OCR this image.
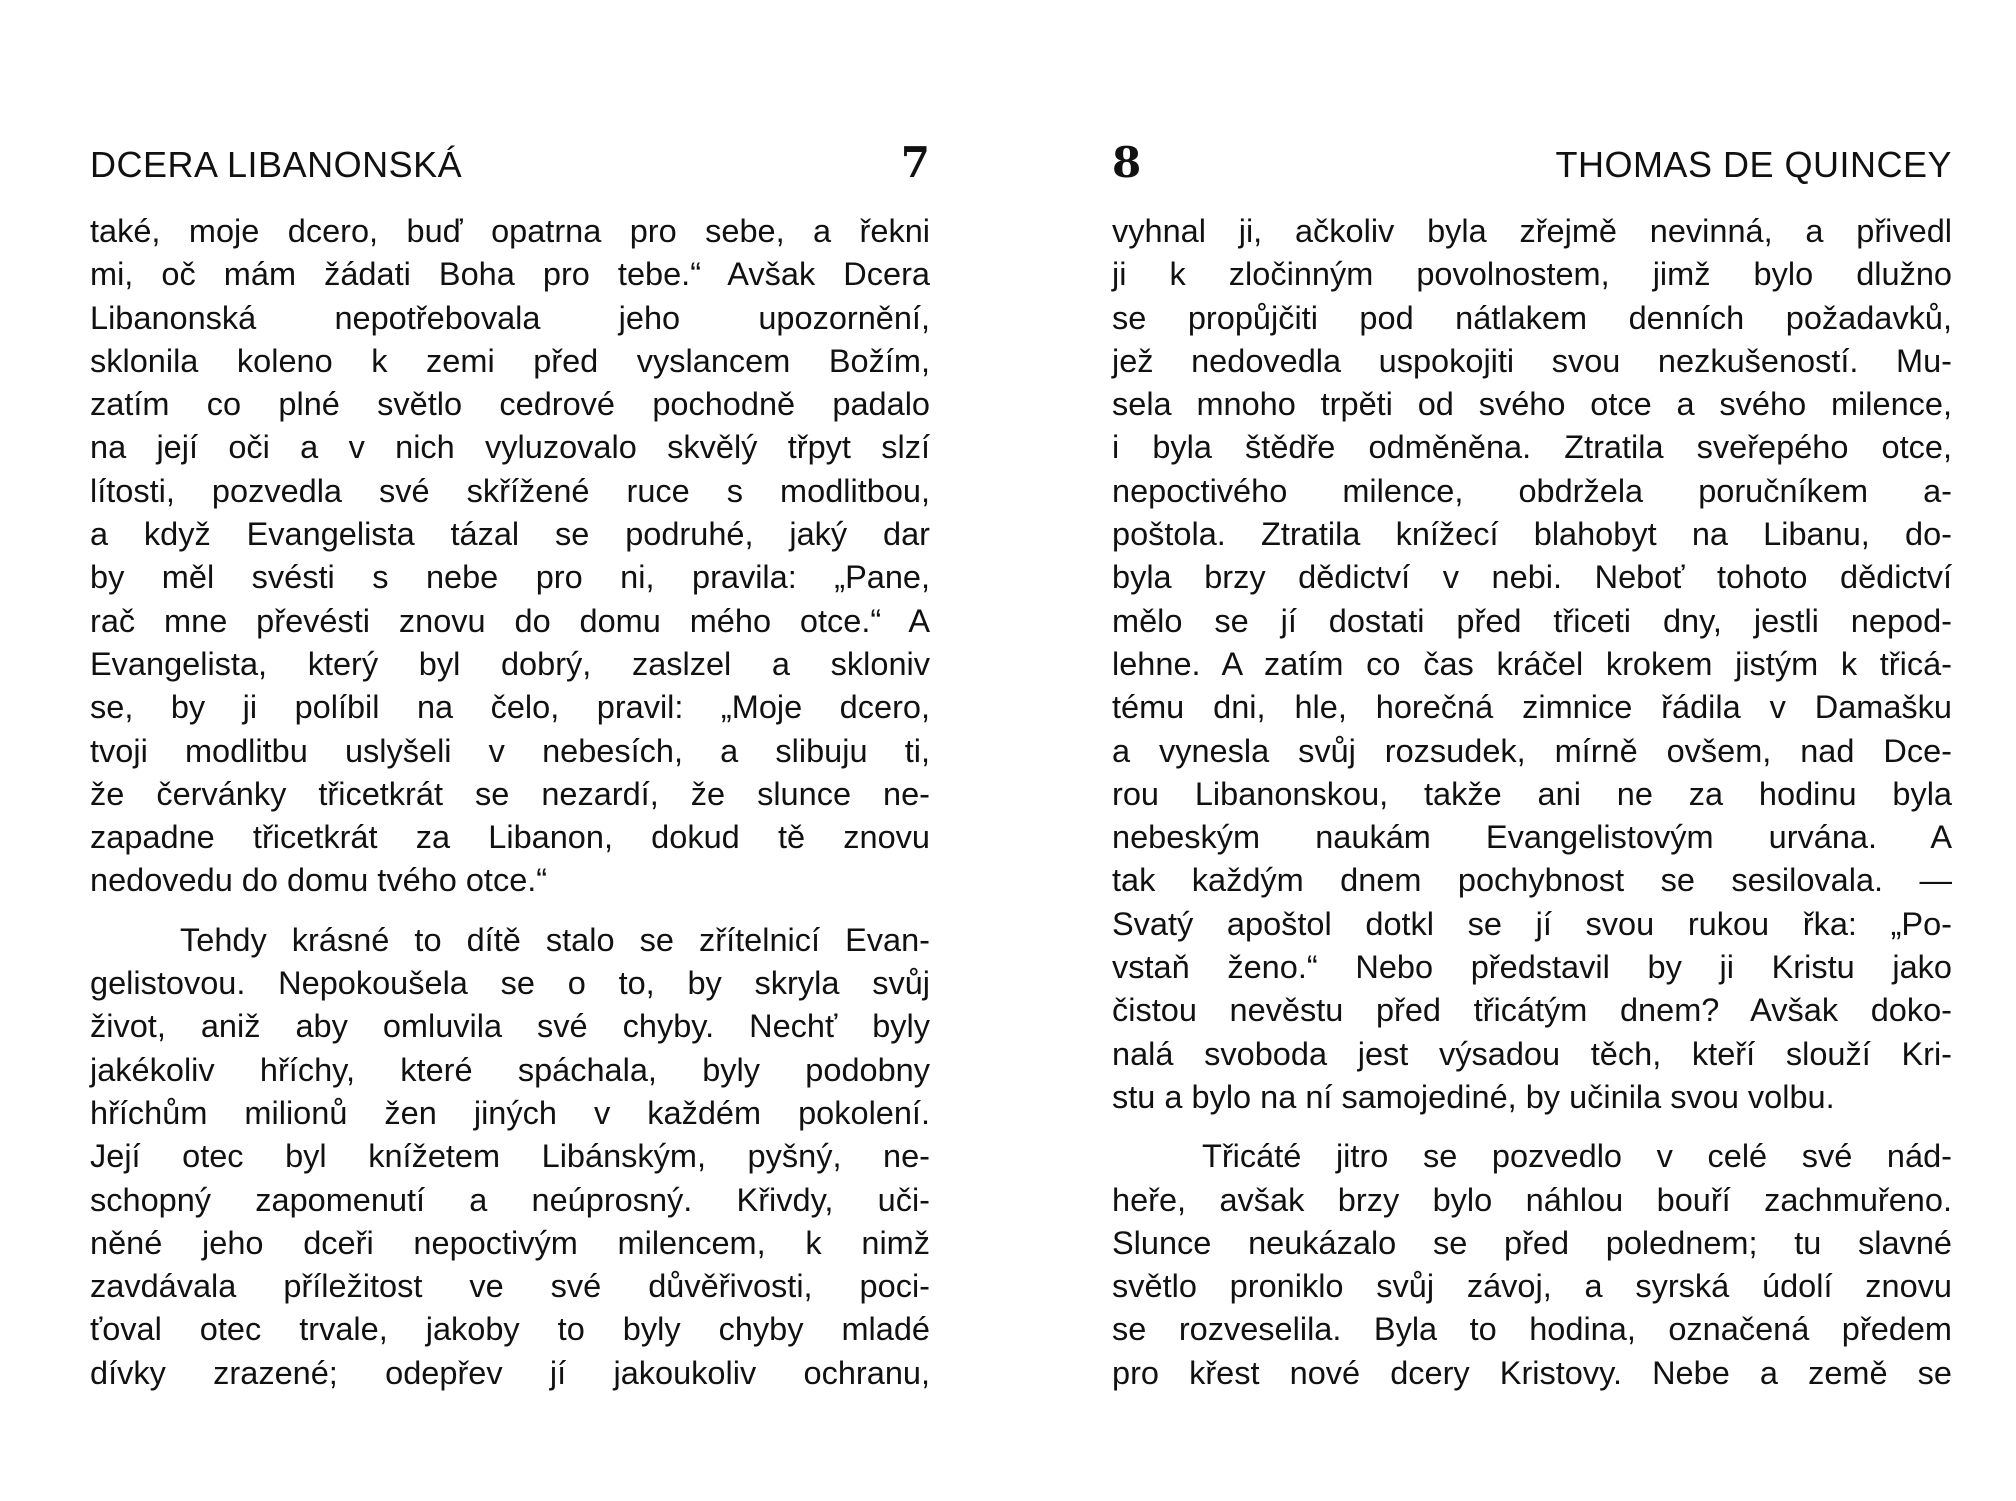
DCERA LIBANONSKÁ	7
také, moje dcero, buď opatrna pro sebe, a řekni
mi, oč mám žádati Boha pro tebe.“ Avšak Dcera
Libanonská nepotřebovala jeho upozornění,
sklonila koleno k zemi před vyslancem Božím,
zatím co plné světlo cedrové pochodně padalo
na její oči a v nich vyluzovalo skvělý třpyt slzí
lítosti, pozvedla své skřížené ruce s modlitbou,
a když Evangelista tázal se podruhé, jaký dar
by měl svésti s nebe pro ni, pravila: „Pane,
rač mne převésti znovu do domu mého otce.“ A
Evangelista, který byl dobrý, zaslzel a skloniv
se, by ji políbil na čelo, pravil: „Moje dcero,
tvoji modlitbu uslyšeli v nebesích, a slibuju ti,
že červánky třicetkrát se nezardí, že slunce ne-
zapadne třicetkrát za Libanon, dokud tě znovu
nedovedu do domu tvého otce.“
Tehdy krásné to dítě stalo se zřítelnicí Evan-
gelistovou. Nepokoušela se o to, by skryla svůj
život, aniž aby omluvila své chyby. Nechť byly
jakékoliv hříchy, které spáchala, byly podobny
hříchům milionů žen jiných v každém pokolení.
Její otec byl knížetem Libánským, pyšný, ne-
schopný zapomenutí a neúprosný. Křivdy, uči-
něné jeho dceři nepoctivým milencem, k nimž
zavdávala příležitost ve své důvěřivosti, poci-
ťoval otec trvale, jakoby to byly chyby mladé
dívky zrazené; odepřev jí jakoukoliv ochranu,
8	THOMAS DE QUINCEY
vyhnal ji, ačkoliv byla zřejmě nevinná, a přivedl
ji k zločinným povolnostem, jimž bylo dlužno
se propůjčiti pod nátlakem denních požadavků,
jež nedovedla uspokojiti svou nezkušeností. Mu-
sela mnoho trpěti od svého otce a svého milence,
i byla štědře odměněna. Ztratila sveřepého otce,
nepoctivého milence, obdržela poručníkem a-
poštola. Ztratila knížecí blahobyt na Libanu, do-
byla brzy dědictví v nebi. Neboť tohoto dědictví
mělo se jí dostati před třiceti dny, jestli nepod-
lehne. A zatím co čas kráčel krokem jistým k třicá-
tému dni, hle, horečná zimnice řádila v Damašku
a vynesla svůj rozsudek, mírně ovšem, nad Dce-
rou Libanonskou, takže ani ne za hodinu byla
nebeským naukám Evangelistovým urvána. A
tak každým dnem pochybnost se sesilovala. —
Svatý apoštol dotkl se jí svou rukou řka: „Po-
vstaň ženo.“ Nebo představil by ji Kristu jako
čistou nevěstu před třicátým dnem? Avšak doko-
nalá svoboda jest výsadou těch, kteří slouží Kri-
stu a bylo na ní samojediné, by učinila svou volbu.
Třicáté jitro se pozvedlo v celé své nád-
heře, avšak brzy bylo náhlou bouří zachmuřeno.
Slunce neukázalo se před polednem; tu slavné
světlo proniklo svůj závoj, a syrská údolí znovu
se rozveselila. Byla to hodina, označená předem
pro křest nové dcery Kristovy. Nebe a země se
